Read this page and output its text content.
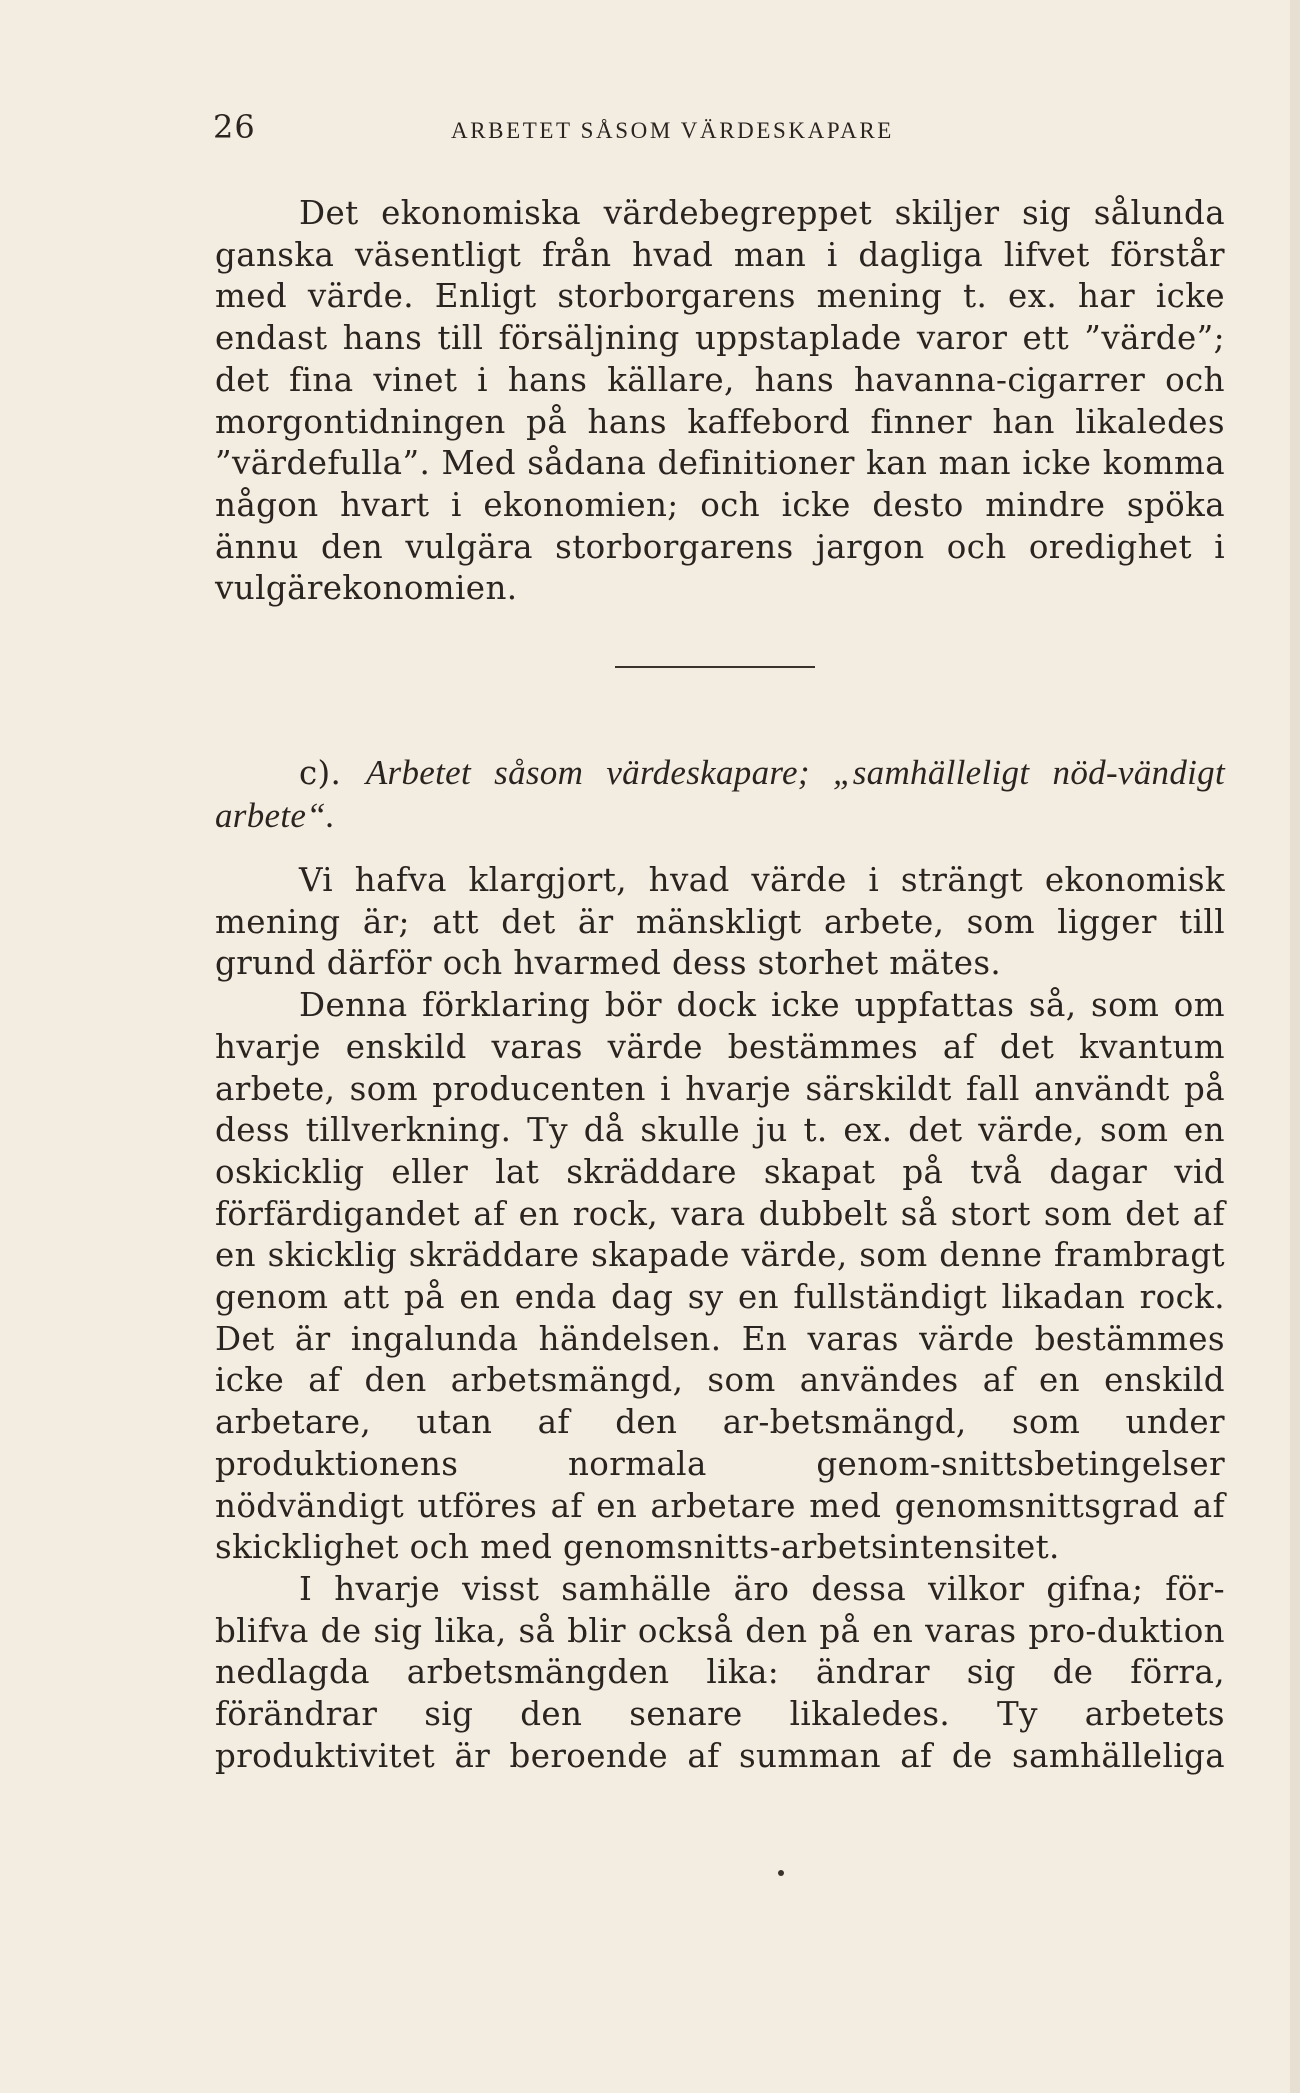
26	ARBETET SÅSOM VÄRDESKAPARE

Det ekonomiska värdebegreppet skiljer sig sålunda ganska väsentligt från hvad man i dagliga lifvet förstår med värde. Enligt storborgarens mening t. ex. har icke endast hans till försäljning uppstaplade varor ett ”värde”; det fina vinet i hans källare, hans havanna-cigarrer och morgontidningen på hans kaffebord finner han likaledes ”värdefulla”. Med sådana definitioner kan man icke komma någon hvart i ekonomien; och icke desto mindre spöka ännu den vulgära storborgarens jargon och oredighet i vulgärekonomien.

c). Arbetet såsom värdeskapare; „samhälleligt nöd-vändigt arbete“.

Vi hafva klargjort, hvad värde i strängt ekonomisk mening är; att det är mänskligt arbete, som ligger till grund därför och hvarmed dess storhet mätes.

Denna förklaring bör dock icke uppfattas så, som om hvarje enskild varas värde bestämmes af det kvantum arbete, som producenten i hvarje särskildt fall användt på dess tillverkning. Ty då skulle ju t. ex. det värde, som en oskicklig eller lat skräddare skapat på två dagar vid förfärdigandet af en rock, vara dubbelt så stort som det af en skicklig skräddare skapade värde, som denne frambragt genom att på en enda dag sy en fullständigt likadan rock. Det är ingalunda händelsen. En varas värde bestämmes icke af den arbetsmängd, som användes af en enskild arbetare, utan af den ar-betsmängd, som under produktionens normala genom-snittsbetingelser nödvändigt utföres af en arbetare med genomsnittsgrad af skicklighet och med genomsnitts-arbetsintensitet.

I hvarje visst samhälle äro dessa vilkor gifna; för-blifva de sig lika, så blir också den på en varas pro-duktion nedlagda arbetsmängden lika: ändrar sig de förra, förändrar sig den senare likaledes. Ty arbetets produktivitet är beroende af summan af de samhälleliga
